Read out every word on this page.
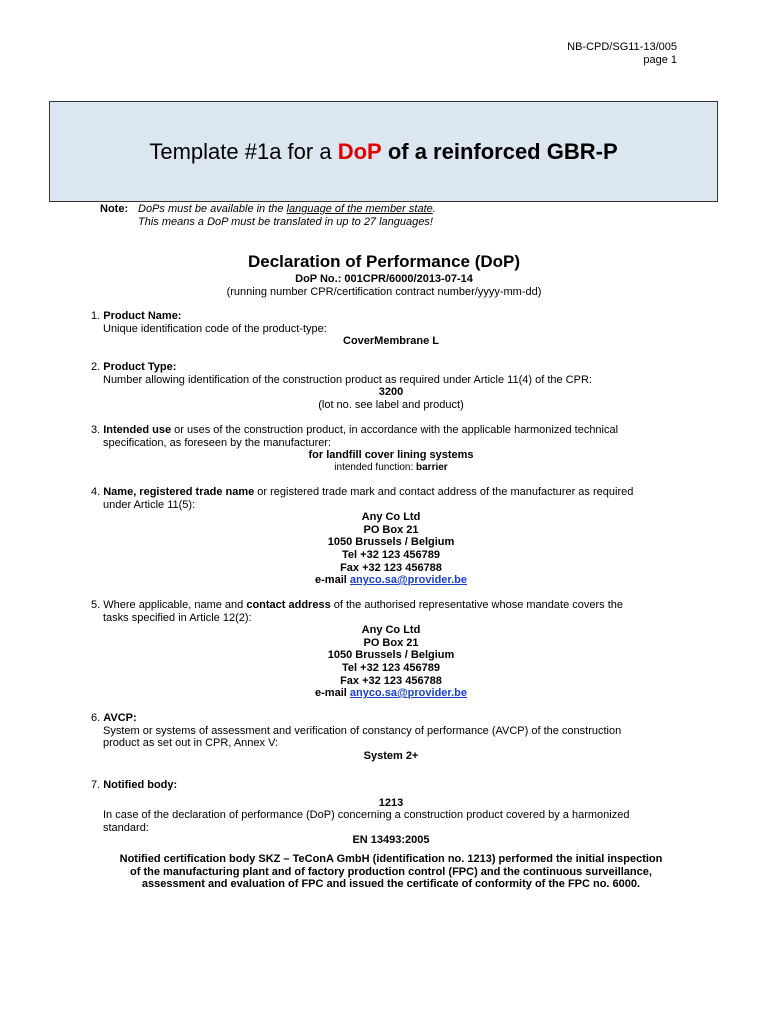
NB-CPD/SG11-13/005
page 1
Template #1a for a DoP of a reinforced GBR-P
Note: DoPs must be available in the language of the member state.
This means a DoP must be translated in up to 27 languages!
Declaration of Performance (DoP)
DoP No.: 001CPR/6000/2013-07-14
(running number CPR/certification contract number/yyyy-mm-dd)
1. Product Name:
Unique identification code of the product-type:
CoverMembrane L
2. Product Type:
Number allowing identification of the construction product as required under Article 11(4) of the CPR:
3200
(lot no. see label and product)
3. Intended use or uses of the construction product, in accordance with the applicable harmonized technical
specification, as foreseen by the manufacturer:
for landfill cover lining systems
intended function: barrier
4. Name, registered trade name or registered trade mark and contact address of the manufacturer as required
under Article 11(5):
Any Co Ltd
PO Box 21
1050 Brussels / Belgium
Tel +32 123 456789
Fax +32 123 456788
e-mail anyco.sa@provider.be
5. Where applicable, name and contact address of the authorised representative whose mandate covers the
tasks specified in Article 12(2):
Any Co Ltd
PO Box 21
1050 Brussels / Belgium
Tel +32 123 456789
Fax +32 123 456788
e-mail anyco.sa@provider.be
6. AVCP:
System or systems of assessment and verification of constancy of performance (AVCP) of the construction
product as set out in CPR, Annex V:
System 2+
7. Notified body:
1213
In case of the declaration of performance (DoP) concerning a construction product covered by a harmonized
standard:
EN 13493:2005
Notified certification body SKZ – TeConA GmbH (identification no. 1213) performed the initial inspection
of the manufacturing plant and of factory production control (FPC) and the continuous surveillance,
assessment and evaluation of FPC and issued the certificate of conformity of the FPC no. 6000.
